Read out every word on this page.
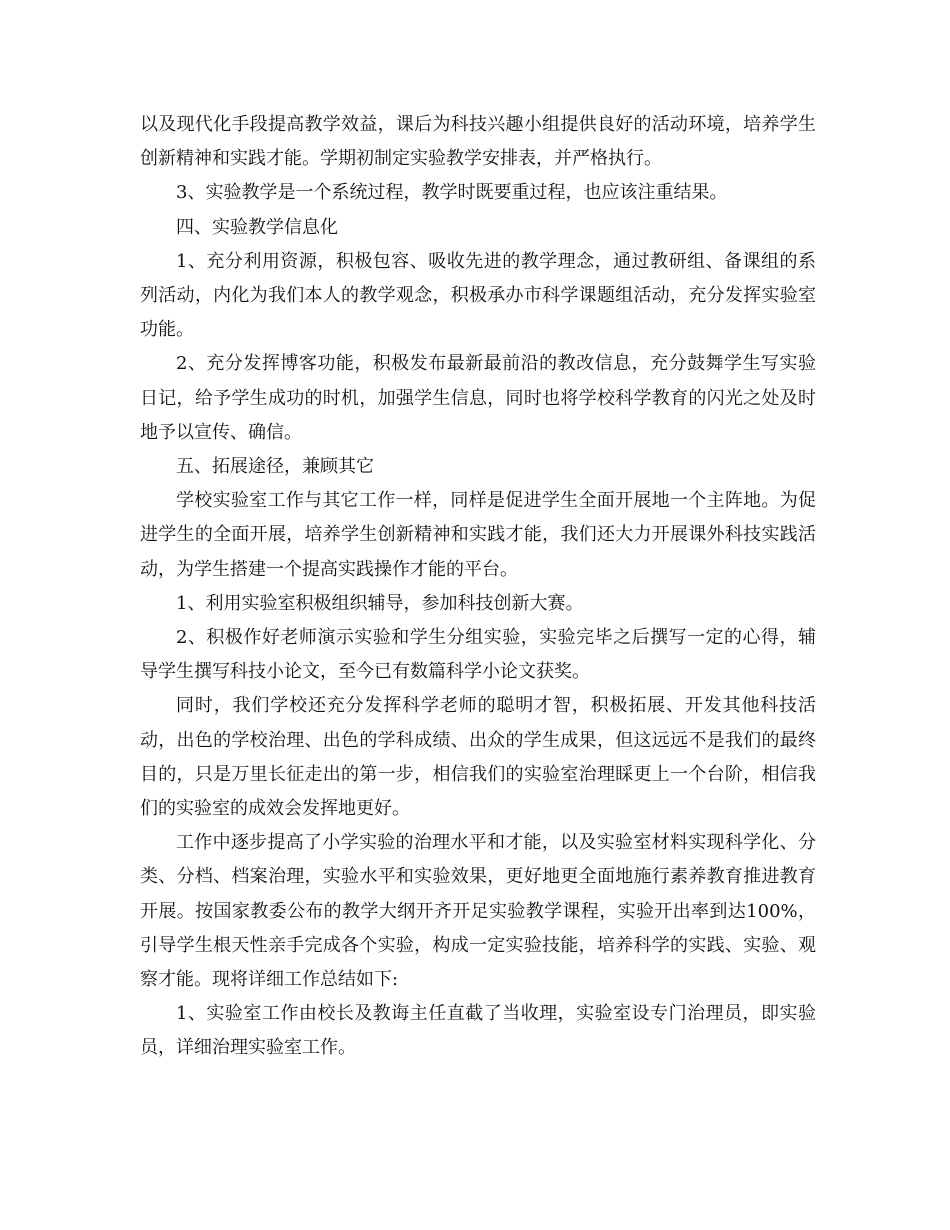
以及现代化手段提高教学效益，课后为科技兴趣小组提供良好的活动环境，培养学生创新精神和实践才能。学期初制定实验教学安排表，并严格执行。

3、实验教学是一个系统过程，教学时既要重过程，也应该注重结果。

四、实验教学信息化

1、充分利用资源，积极包容、吸收先进的教学理念，通过教研组、备课组的系列活动，内化为我们本人的教学观念，积极承办市科学课题组活动，充分发挥实验室功能。

2、充分发挥博客功能，积极发布最新最前沿的教改信息，充分鼓舞学生写实验日记，给予学生成功的时机，加强学生信息，同时也将学校科学教育的闪光之处及时地予以宣传、确信。

五、拓展途径，兼顾其它

学校实验室工作与其它工作一样，同样是促进学生全面开展地一个主阵地。为促进学生的全面开展，培养学生创新精神和实践才能，我们还大力开展课外科技实践活动，为学生搭建一个提高实践操作才能的平台。

1、利用实验室积极组织辅导，参加科技创新大赛。

2、积极作好老师演示实验和学生分组实验，实验完毕之后撰写一定的心得，辅导学生撰写科技小论文，至今已有数篇科学小论文获奖。

同时，我们学校还充分发挥科学老师的聪明才智，积极拓展、开发其他科技活动，出色的学校治理、出色的学科成绩、出众的学生成果，但这远远不是我们的最终目的，只是万里长征走出的第一步，相信我们的实验室治理睬更上一个台阶，相信我们的实验室的成效会发挥地更好。

工作中逐步提高了小学实验的治理水平和才能，以及实验室材料实现科学化、分类、分档、档案治理，实验水平和实验效果，更好地更全面地施行素养教育推进教育开展。按国家教委公布的教学大纲开齐开足实验教学课程，实验开出率到达100%，引导学生根天性亲手完成各个实验，构成一定实验技能，培养科学的实践、实验、观察才能。现将详细工作总结如下:

1、实验室工作由校长及教诲主任直截了当收理，实验室设专门治理员，即实验员，详细治理实验室工作。
